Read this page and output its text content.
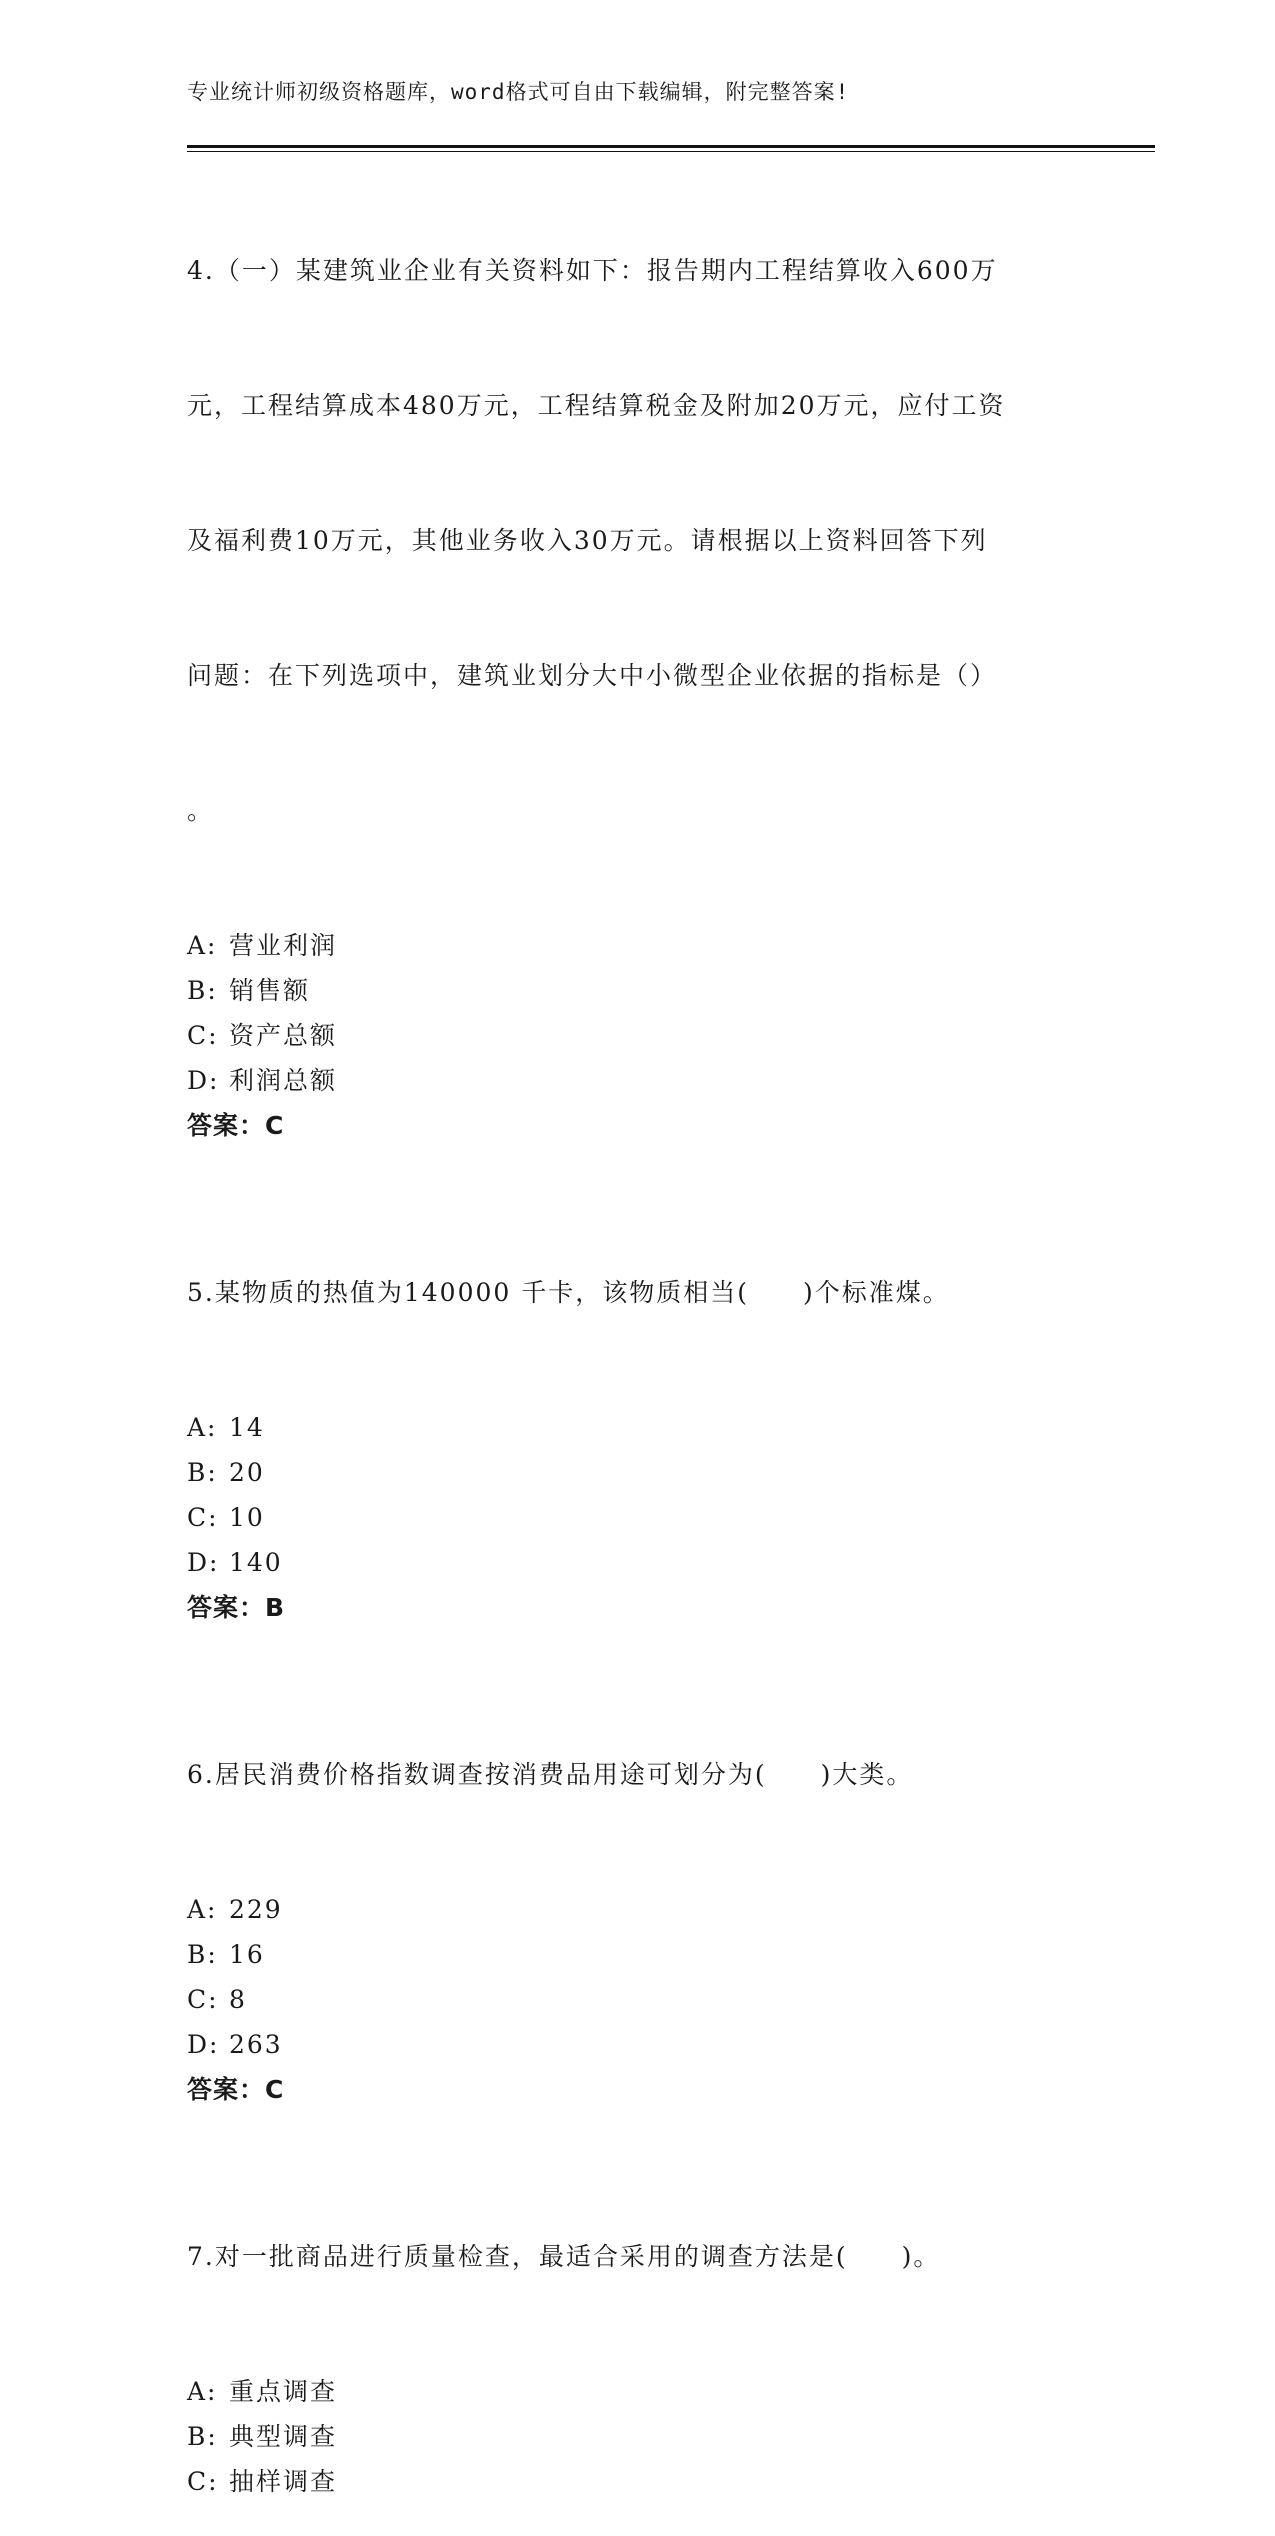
专业统计师初级资格题库，word格式可自由下载编辑，附完整答案!

4.（一）某建筑业企业有关资料如下：报告期内工程结算收入600万

元，工程结算成本480万元，工程结算税金及附加20万元，应付工资

及福利费10万元，其他业务收入30万元。请根据以上资料回答下列

问题：在下列选项中，建筑业划分大中小微型企业依据的指标是（）

。

A: 营业利润
B: 销售额
C: 资产总额
D: 利润总额
答案：C

5.某物质的热值为140000 千卡，该物质相当(　　)个标准煤。

A: 14
B: 20
C: 10
D: 140
答案：B

6.居民消费价格指数调查按消费品用途可划分为(　　)大类。

A: 229
B: 16
C: 8
D: 263
答案：C

7.对一批商品进行质量检查，最适合采用的调查方法是(　　)。

A: 重点调查
B: 典型调查
C: 抽样调查
